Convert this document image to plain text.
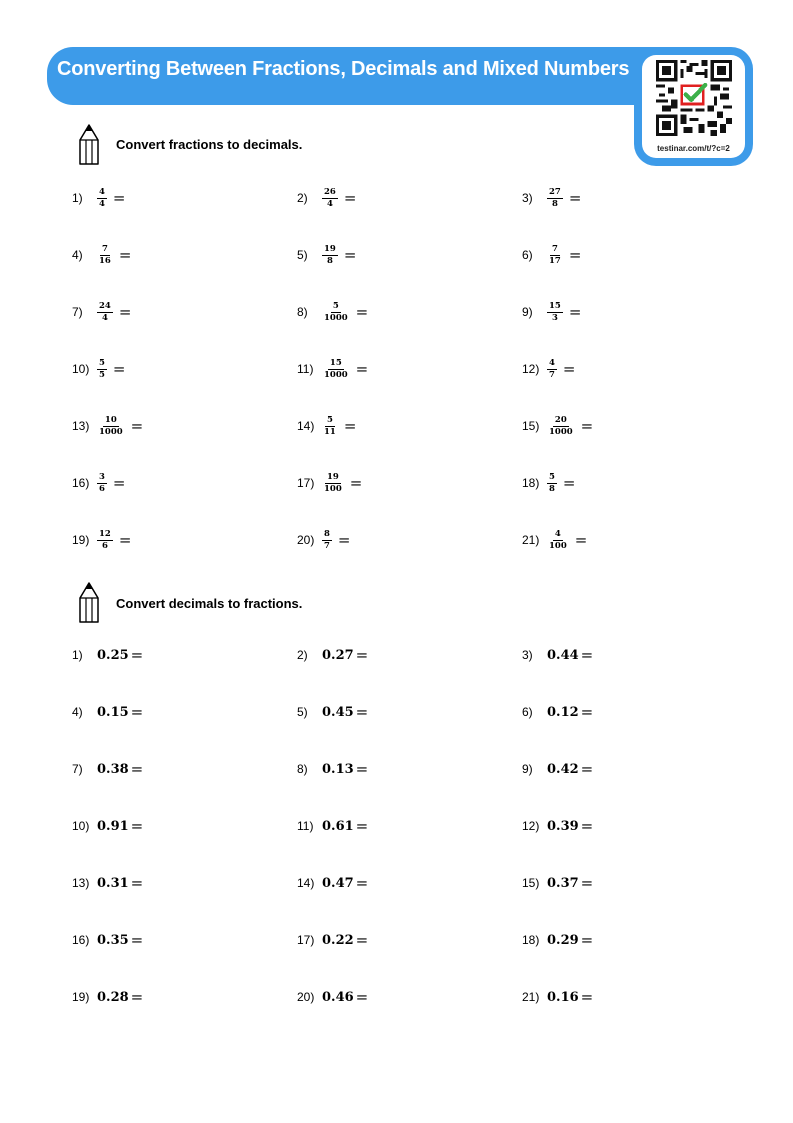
Converting Between Fractions, Decimals and Mixed Numbers
testinar.com/t/?c=2
Convert fractions to decimals.
1)	$\frac{4}{4}$ =	2)	$\frac{26}{4}$ =	3)	$\frac{27}{8}$ =
4)	$\frac{7}{16}$ =	5)	$\frac{19}{8}$ =	6)	$\frac{7}{17}$ =
7)	$\frac{24}{4}$ =	8)	$\frac{5}{1000}$ =	9)	$\frac{15}{3}$ =
$10) \frac{5}{5}$ =	11)	$\frac{15}{1000}$ =	$12) \frac{4}{7}$ =
$13) \frac{10}{1000}$ =	$14) \frac{5}{11}$ =	$15) \frac{20}{1000}$ =
$16) \frac{3}{6}$ =	$17) \frac{19}{100}$ =	$18) \frac{5}{8}$ =
$19) \frac{12}{6}$ =	$20) \frac{8}{7}$ =	$21) \frac{4}{100}$ =
Convert decimals to fractions.
1)	0.25 =	2)	0.27 =	3)	0.44 =
4)	0.15 =	5)	0.45 =	6)	0.12 =
7)	0.38 =	8)	0.13 =	9)	0.42 =
10) 0.91 =	11) 0.61 =	12) 0.39 =
13) 0.31 =	14) 0.47 =	15) 0.37 =
16) 0.35 =	17) 0.22 =	18) 0.29 =
19) 0.28 =	20) 0.46 =	21) 0.16 =
